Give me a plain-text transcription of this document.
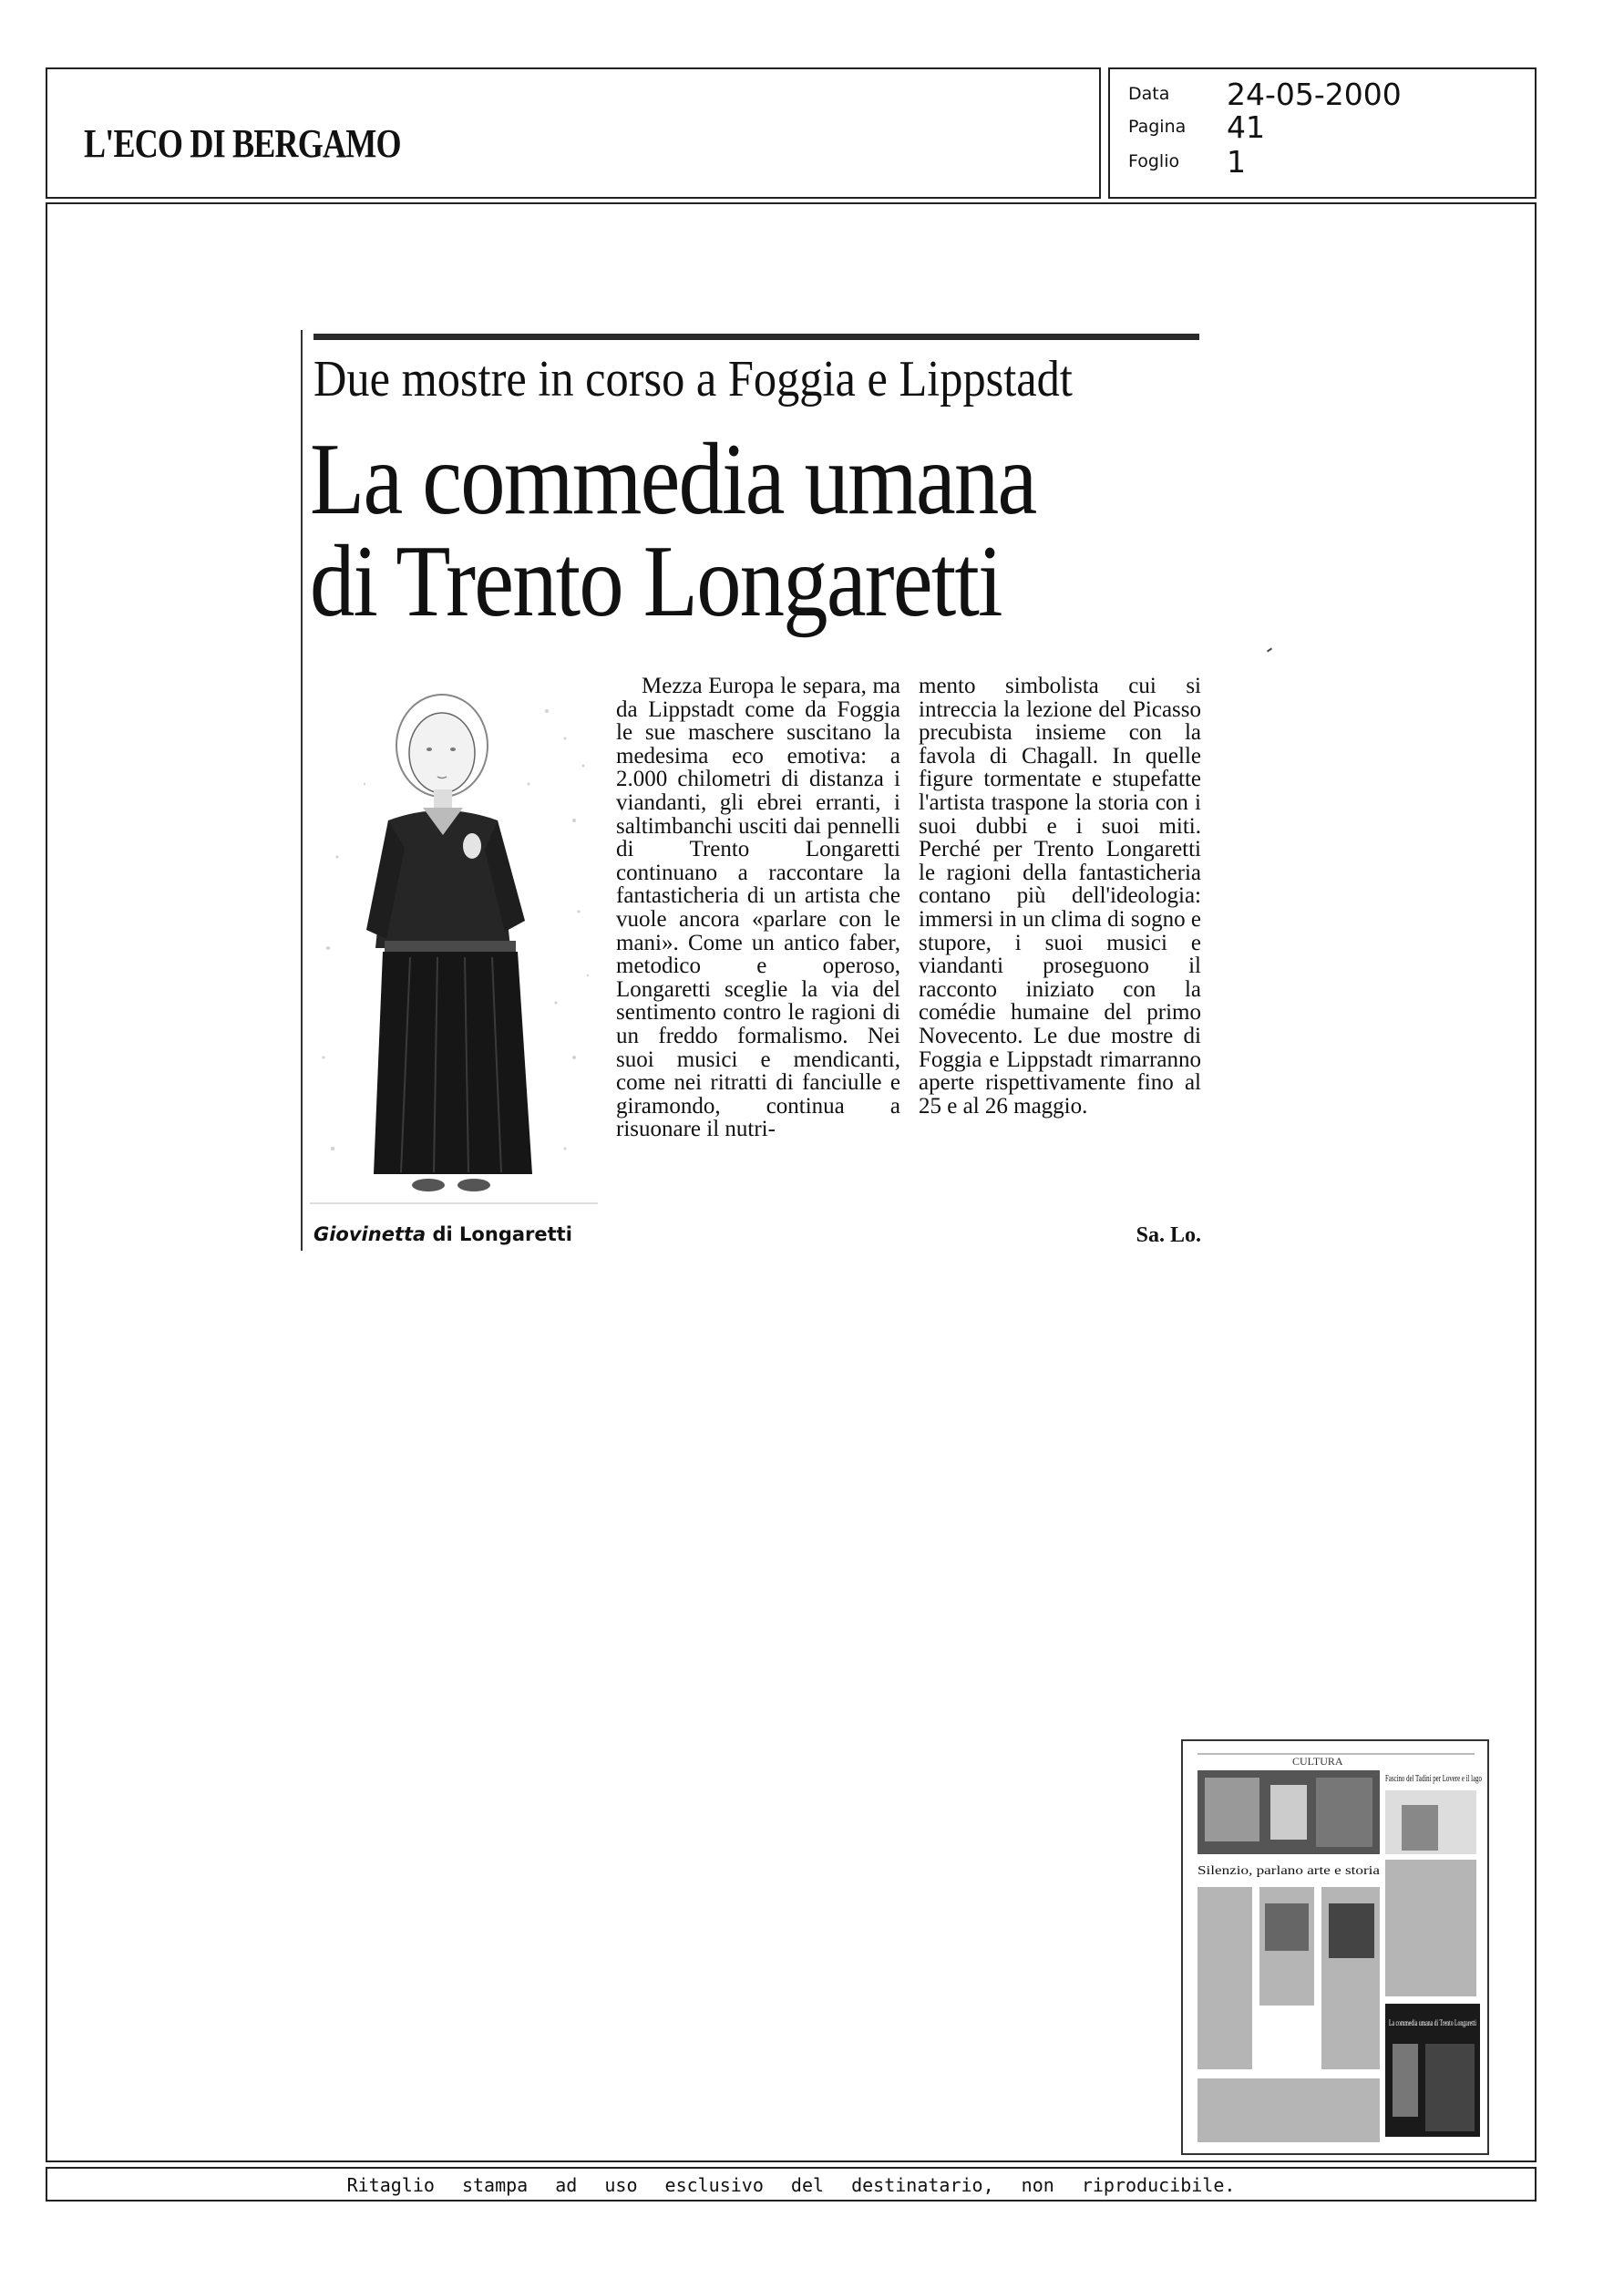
L'ECO DI BERGAMO
Data 24-05-2000
Pagina 41
Foglio 1
Due mostre in corso a Foggia e Lippstadt
La commedia umana
di Trento Longaretti
Giovinetta di Longaretti
Mezza Europa le separa, ma da Lippstadt come da Foggia le sue maschere suscitano la medesima eco emotiva: a 2.000 chilometri di distanza i viandanti, gli ebrei erranti, i saltimbanchi usciti dai pennelli di Trento Longaretti continuano a raccontare la fantasticheria di un artista che vuole ancora «parlare con le mani». Come un antico faber, metodico e operoso, Longaretti sceglie la via del sentimento contro le ragioni di un freddo formalismo. Nei suoi musici e mendicanti, come nei ritratti di fanciulle e giramondo, continua a risuonare il nutri-
mento simbolista cui si intreccia la lezione del Picasso precubista insieme con la favola di Chagall. In quelle figure tormentate e stupefatte l'artista traspone la storia con i suoi dubbi e i suoi miti. Perché per Trento Longaretti le ragioni della fantasticheria contano più dell'ideologia: immersi in un clima di sogno e stupore, i suoi musici e viandanti proseguono il racconto iniziato con la comédie humaine del primo Novecento. Le due mostre di Foggia e Lippstadt rimarranno aperte rispettivamente fino al 25 e al 26 maggio.
Sa. Lo.
CULTURA
Fascino del Tadini per Lovere e il lago
Silenzio, parlano arte e storia
La commedia umana di Trento Longaretti
Ritaglio stampa ad uso esclusivo del destinatario, non riproducibile.
